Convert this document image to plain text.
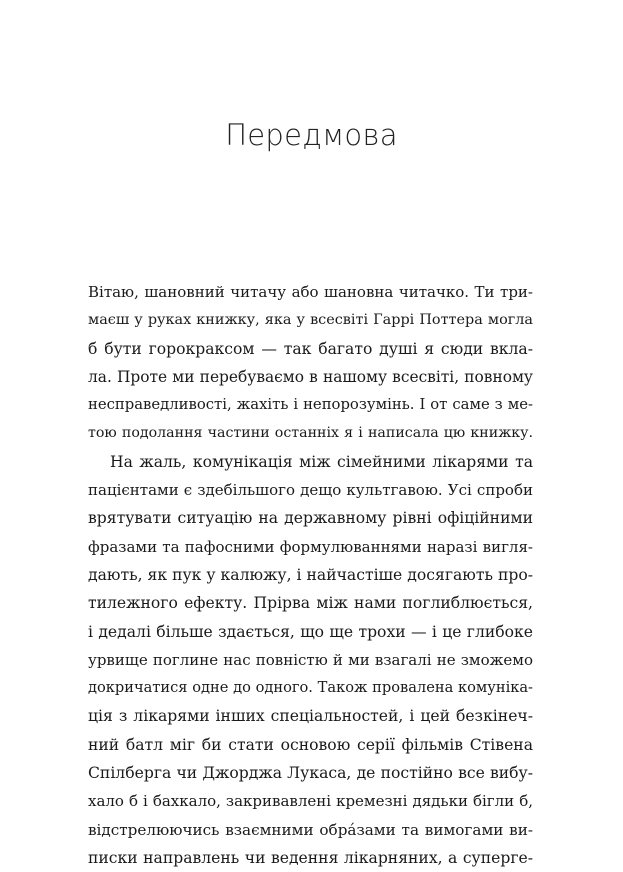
Передмова
Вітаю, шановний читачу або шановна читачко. Ти три-
маєш у руках книжку, яка у всесвіті Гаррі Поттера могла
б бути горокраксом — так багато душі я сюди вкла-
ла. Проте ми перебуваємо в нашому всесвіті, повному
несправедливості, жахіть і непорозумінь. І от саме з ме-
тою подолання частини останніх я і написала цю книжку.
На жаль, комунікація між сімейними лікарями та
пацієнтами є здебільшого дещо культгавою. Усі спроби
врятувати ситуацію на державному рівні офіційними
фразами та пафосними формулюваннями наразі вигля-
дають, як пук у калюжу, і найчастіше досягають про-
тилежного ефекту. Прірва між нами поглиблюється,
і дедалі більше здається, що ще трохи — і це глибоке
урвище поглине нас повністю й ми взагалі не зможемо
докричатися одне до одного. Також провалена комуніка-
ція з лікарями інших спеціальностей, і цей безкінеч-
ний батл міг би стати основою серії фільмів Стівена
Спілберга чи Джорджа Лукаса, де постійно все вибу-
хало б і бахкало, закривавлені кремезні дядьки бігли б,
відстрелюючись взаємними обра́зами та вимогами ви-
писки направлень чи ведення лікарняних, а суперге-
